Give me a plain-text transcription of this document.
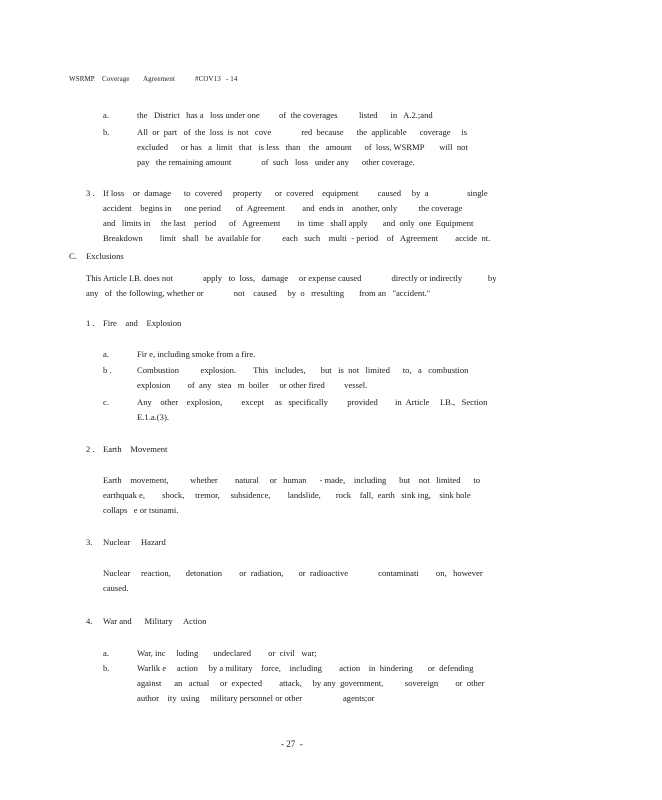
WSRMP Coverage Agreement	#COV13 - 14
a.	the   District   has a   loss under one         of  the coverages          listed      in   A.2.;and
b.	All  or  part   of  the  loss  is  not   cove              red  because      the  applicable      coverage     is
excluded      or has   a  limit   that   is less   than    the   amount      of  loss, WSRMP       will  not
pay   the remaining amount              of  such   loss   under any      other coverage.
3 . If loss    or  damage      to  covered     property      or  covered    equipment         caused     by  a                  single
accident    begins in      one period       of  Agreement        and  ends in    another, only          the coverage
and   limits in     the last    period      of   Agreement        in  time   shall apply       and  only  one  Equipment
Breakdown        limit   shall   be  available for          each   such    multi  - period    of   Agreement        accide  nt.
C. Exclusions
This Article I.B. does not              apply   to  loss,   damage     or expense caused              directly or indirectly            by
any   of  the following, whether or              not    caused     by  o   rresulting       from an   "accident."
1 . Fire    and    Explosion
a.	Fir e, including smoke from a fire.
b .	Combustion          explosion.        This   includes,       but   is  not   limited      to,   a   combustion
explosion        of  any   stea   m  boiler     or other fired         vessel.
c.	Any    other    explosion,         except     as   specifically         provided        in  Article     I.B.,   Section
E.1.a.(3).
2 . Earth    Movement
Earth    movement,          whether        natural     or   human      - made,    including      but    not   limited      to
earthquak e,        shock,     tremor,     subsidence,        landslide,       rock    fall,  earth   sink ing,    sink hole
collaps   e or tsunami.
3. Nuclear     Hazard
Nuclear     reaction,       detonation        or  radiation,       or  radioactive              contaminati        on,   however
caused.
4. War and      Military     Action
a.	War, inc     luding       undeclared        or  civil   war;
b.	Warlik e     action     by a military    force,    including        action    in  hindering       or  defending
against      an   actual     or  expected        attack,     by any  government,          sovereign        or  other
author    ity  using     military personnel or other                   agents;or
- 27  -
